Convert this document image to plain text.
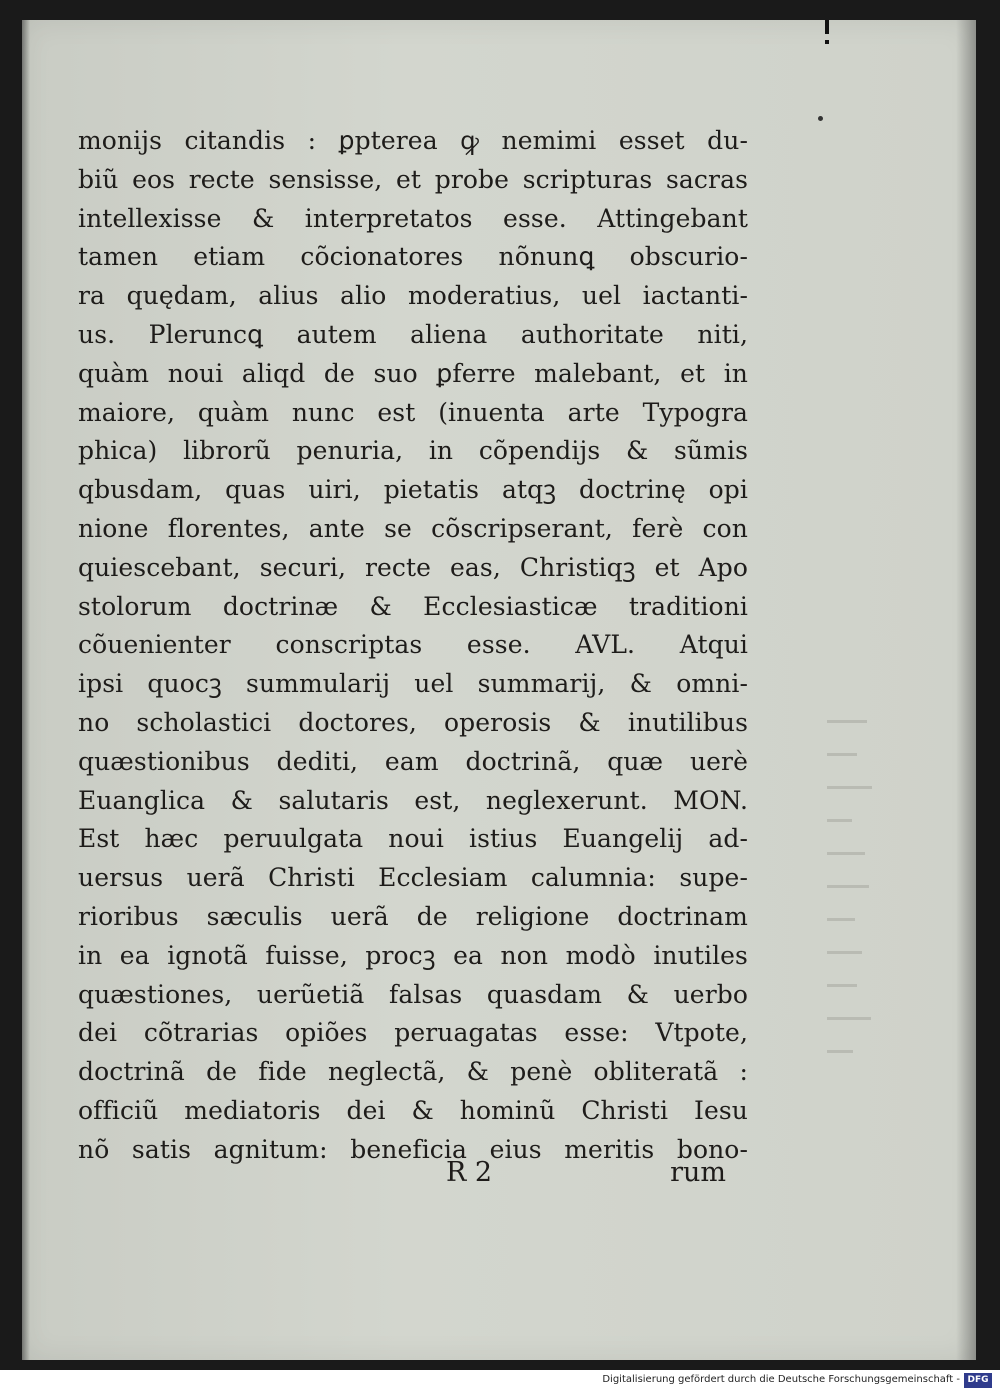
monijs citandis : ꝑpterea ꝙ nemimi esset du-
biũ eos recte sensisse, et probe scripturas sacras
intellexisse & interpretatos esse. Attingebant
tamen etiam cõcionatores nõnunꝗ obscurio-
ra quędam, alius alio moderatius, uel iactanti-
us. Pleruncꝗ autem aliena authoritate niti,
quàm noui aliqd de suo ꝑferre malebant, et in
maiore, quàm nunc est (inuenta arte Typogra
phica) librorũ penuria, in cõpendijs & sũmis
qbusdam, quas uiri, pietatis atqꝫ doctrinę opi
nione florentes, ante se cõscripserant, ferè con
quiescebant, securi, recte eas, Christiqꝫ et Apo
stolorum doctrinæ & Ecclesiasticæ traditioni
cõuenienter conscriptas esse. AVL. Atqui
ipsi quocꝫ summularij uel summarij, & omni-
no scholastici doctores, operosis & inutilibus
quæstionibus dediti, eam doctrinã, quæ uerè
Euanglica & salutaris est, neglexerunt. MON.
Est hæc peruulgata noui istius Euangelij ad-
uersus uerã Christi Ecclesiam calumnia: supe-
rioribus sæculis uerã de religione doctrinam
in ea ignotã fuisse, procꝫ ea non modò inutiles
quæstiones, uerũetiã falsas quasdam & uerbo
dei cõtrarias opiões peruagatas esse: Vtpote,
doctrinã de fide neglectã, & penè obliteratã :
officiũ mediatoris dei & hominũ Christi Iesu
nõ satis agnitum: beneficia eius meritis bono-
R 2	rum
Digitalisierung gefördert durch die Deutsche Forschungsgemeinschaft - DFG
